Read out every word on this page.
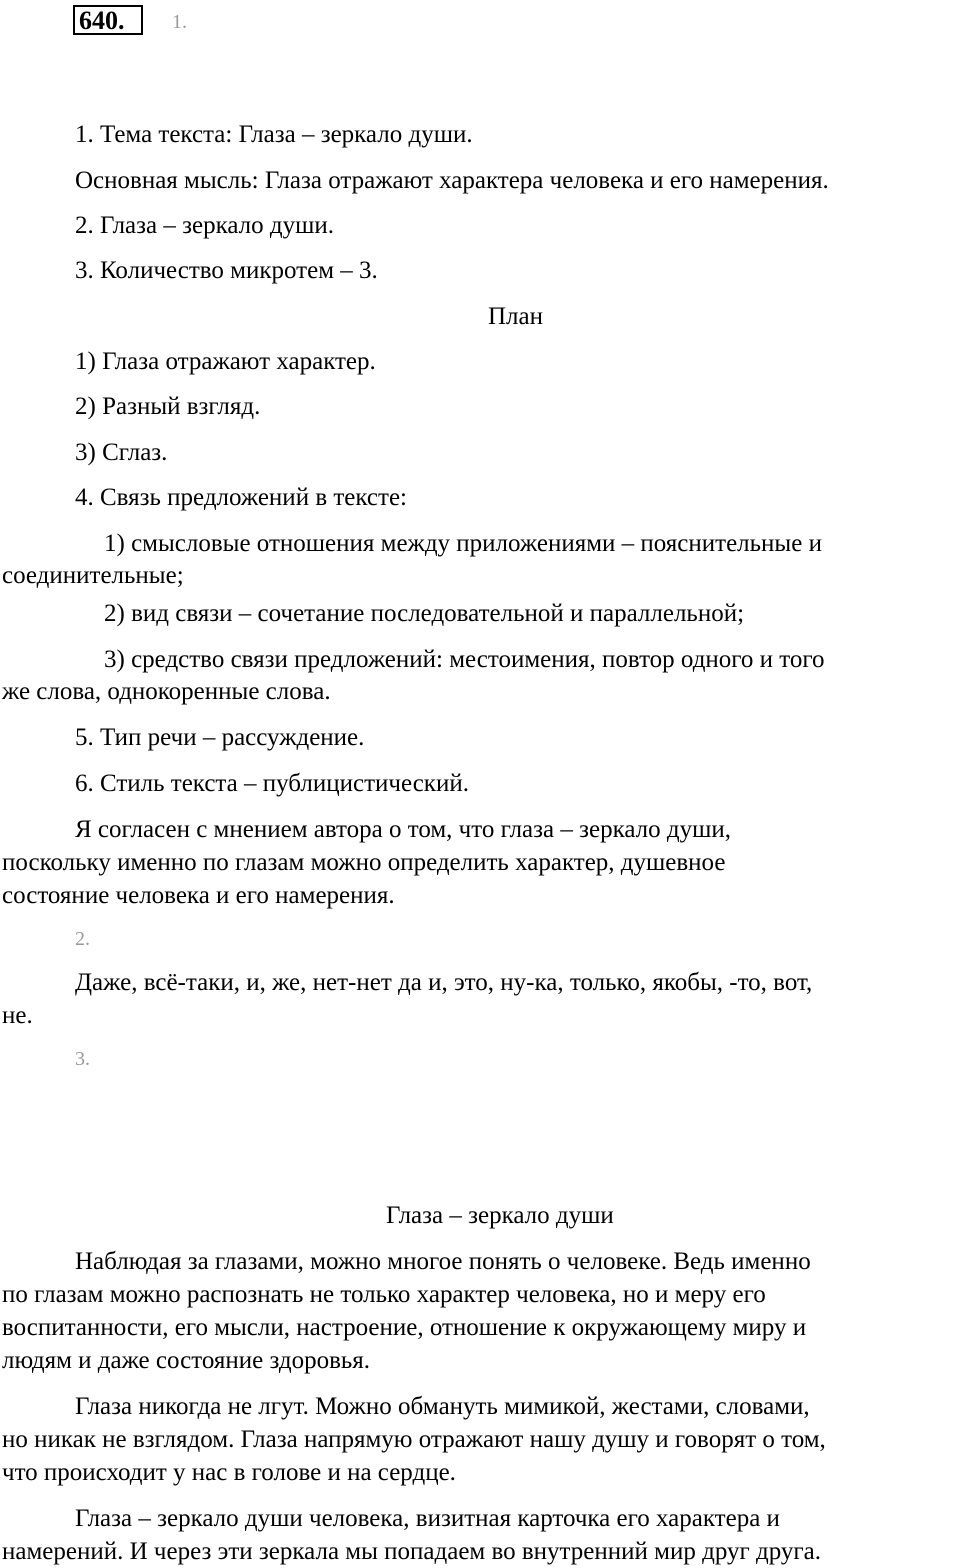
640.	1.
1. Тема текста: Глаза – зеркало души.
Основная мысль: Глаза отражают характера человека и его намерения.
2. Глаза – зеркало души.
3. Количество микротем – 3.
План
1) Глаза отражают характер.
2) Разный взгляд.
3) Сглаз.
4. Связь предложений в тексте:
1) смысловые отношения между приложениями – пояснительные и
соединительные;
2) вид связи – сочетание последовательной и параллельной;
3) средство связи предложений: местоимения, повтор одного и того
же слова, однокоренные слова.
5. Тип речи – рассуждение.
6. Стиль текста – публицистический.
Я согласен с мнением автора о том, что глаза – зеркало души,
поскольку именно по глазам можно определить характер, душевное
состояние человека и его намерения.
2.
Даже, всё-таки, и, же, нет-нет да и, это, ну-ка, только, якобы, -то, вот,
не.
3.
Глаза – зеркало души
Наблюдая за глазами, можно многое понять о человеке. Ведь именно
по глазам можно распознать не только характер человека, но и меру его
воспитанности, его мысли, настроение, отношение к окружающему миру и
людям и даже состояние здоровья.
Глаза никогда не лгут. Можно обмануть мимикой, жестами, словами,
но никак не взглядом. Глаза напрямую отражают нашу душу и говорят о том,
что происходит у нас в голове и на сердце.
Глаза – зеркало души человека, визитная карточка его характера и
намерений. И через эти зеркала мы попадаем во внутренний мир друг друга.
